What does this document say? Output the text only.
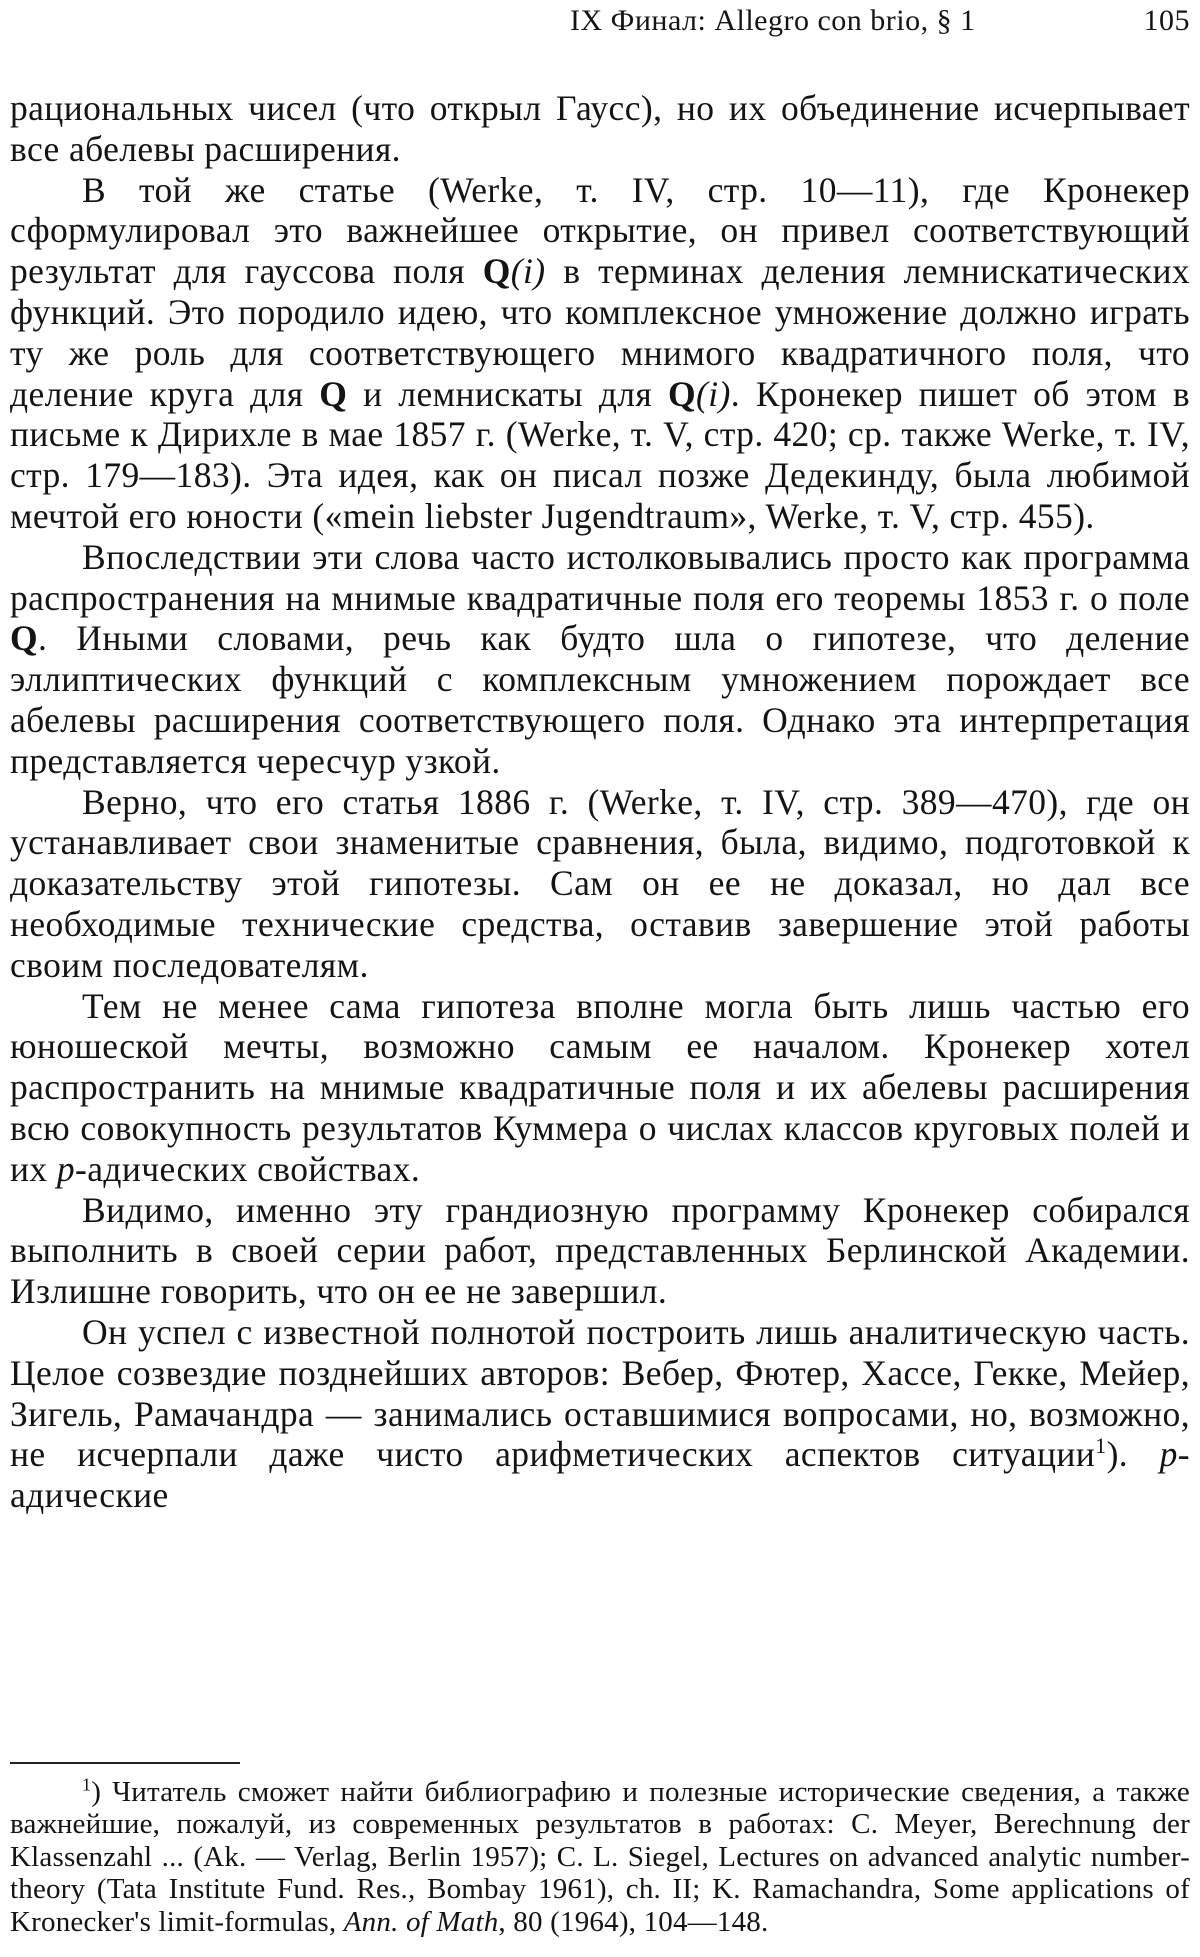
IX Финал: Allegro con brio, § 1	105

рациональных чисел (что открыл Гаусс), но их объединение исчерпывает все абелевы расширения.

В той же статье (Werke, т. IV, стр. 10—11), где Кронекер сформулировал это важнейшее открытие, он привел соответствующий результат для гауссова поля Q(i) в терминах деления лемнискатических функций. Это породило идею, что комплексное умножение должно играть ту же роль для соответствующего мнимого квадратичного поля, что деление круга для Q и лемнискаты для Q(i). Кронекер пишет об этом в письме к Дирихле в мае 1857 г. (Werke, т. V, стр. 420; ср. также Werke, т. IV, стр. 179—183). Эта идея, как он писал позже Дедекинду, была любимой мечтой его юности («mein liebster Jugendtraum», Werke, т. V, стр. 455).

Впоследствии эти слова часто истолковывались просто как программа распространения на мнимые квадратичные поля его теоремы 1853 г. о поле Q. Иными словами, речь как будто шла о гипотезе, что деление эллиптических функций с комплексным умножением порождает все абелевы расширения соответствующего поля. Однако эта интерпретация представляется чересчур узкой.

Верно, что его статья 1886 г. (Werke, т. IV, стр. 389—470), где он устанавливает свои знаменитые сравнения, была, видимо, подготовкой к доказательству этой гипотезы. Сам он ее не доказал, но дал все необходимые технические средства, оставив завершение этой работы своим последователям.

Тем не менее сама гипотеза вполне могла быть лишь частью его юношеской мечты, возможно самым ее началом. Кронекер хотел распространить на мнимые квадратичные поля и их абелевы расширения всю совокупность результатов Куммера о числах классов круговых полей и их p-адических свойствах.

Видимо, именно эту грандиозную программу Кронекер собирался выполнить в своей серии работ, представленных Берлинской Академии. Излишне говорить, что он ее не завершил.

Он успел с известной полнотой построить лишь аналитическую часть. Целое созвездие позднейших авторов: Вебер, Фютер, Хассе, Гекке, Мейер, Зигель, Рамачандра — занимались оставшимися вопросами, но, возможно, не исчерпали даже чисто арифметических аспектов ситуации$^1$). p-адические

$^1$) Читатель сможет найти библиографию и полезные исторические сведения, а также важнейшие, пожалуй, из современных результатов в работах: C. Meyer, Berechnung der Klassenzahl ... (Ak. — Verlag, Berlin 1957); C. L. Siegel, Lectures on advanced analytic number-theory (Tata Institute Fund. Res., Bombay 1961), ch. II; K. Ramachandra, Some applications of Kronecker's limit-formulas, Ann. of Math, 80 (1964), 104—148.
